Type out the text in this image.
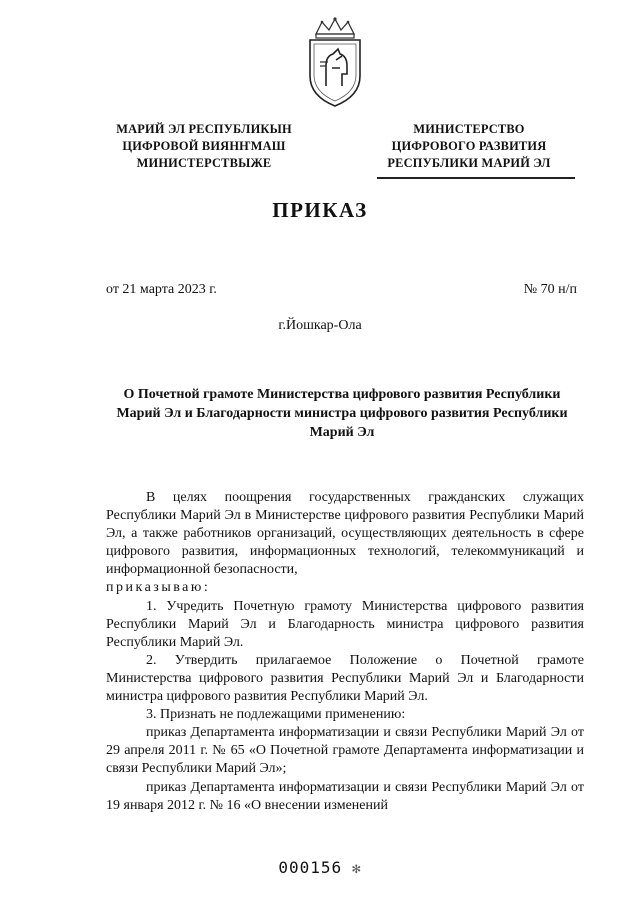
МАРИЙ ЭЛ РЕСПУБЛИКЫН
ЦИФРОВОЙ ВИЯНҤМАШ
МИНИСТЕРСТВЫЖЕ
МИНИСТЕРСТВО
ЦИФРОВОГО РАЗВИТИЯ
РЕСПУБЛИКИ МАРИЙ ЭЛ
ПРИКАЗ
от 21 марта 2023 г.	№ 70 н/п
г.Йошкар-Ола
О Почетной грамоте Министерства цифрового развития Республики Марий Эл и Благодарности министра цифрового развития Республики Марий Эл

В целях поощрения государственных гражданских служащих Республики Марий Эл в Министерстве цифрового развития Республики Марий Эл, а также работников организаций, осуществляющих деятельность в сфере цифрового развития, информационных технологий, телекоммуникаций и информационной безопасности,

приказываю:

1. Учредить Почетную грамоту Министерства цифрового развития Республики Марий Эл и Благодарность министра цифрового развития Республики Марий Эл.

2. Утвердить прилагаемое Положение о Почетной грамоте Министерства цифрового развития Республики Марий Эл и Благодарности министра цифрового развития Республики Марий Эл.

3. Признать не подлежащими применению:

приказ Департамента информатизации и связи Республики Марий Эл от 29 апреля 2011 г. № 65 «О Почетной грамоте Департамента информатизации и связи Республики Марий Эл»;

приказ Департамента информатизации и связи Республики Марий Эл от 19 января 2012 г. № 16 «О внесении изменений

000156 ✻
